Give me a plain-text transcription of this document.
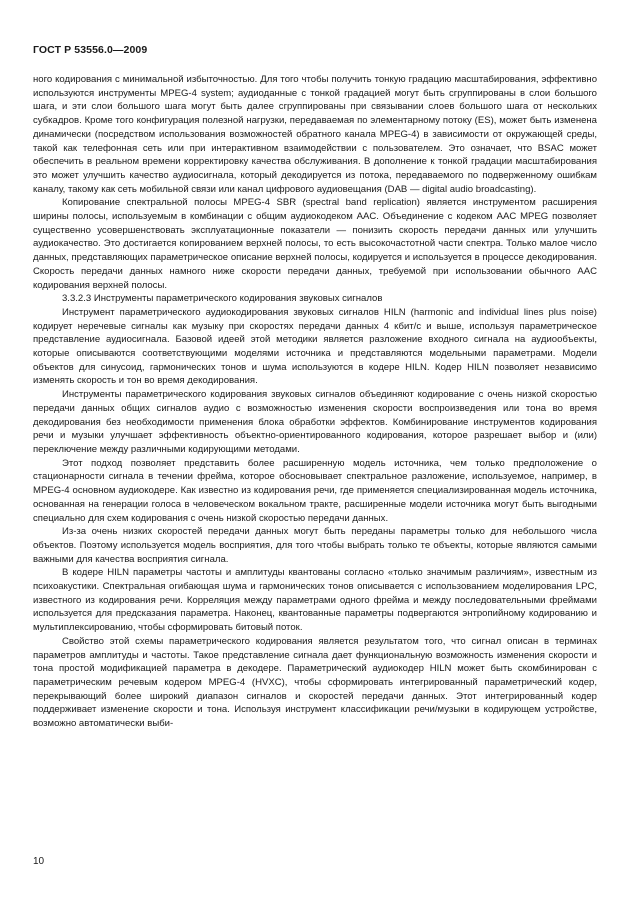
ГОСТ Р 53556.0—2009

ного кодирования с минимальной избыточностью. Для того чтобы получить тонкую градацию масштабирования, эффективно используются инструменты MPEG-4 system; аудиоданные с тонкой градацией могут быть сгруппированы в слои большого шага, и эти слои большого шага могут быть далее сгруппированы при связывании слоев большого шага от нескольких субкадров. Кроме того конфигурация полезной нагрузки, передаваемая по элементарному потоку (ES), может быть изменена динамически (посредством использования возможностей обратного канала MPEG-4) в зависимости от окружающей среды, такой как телефонная сеть или при интерактивном взаимодействии с пользователем. Это означает, что BSAC может обеспечить в реальном времени корректировку качества обслуживания. В дополнение к тонкой градации масштабирования это может улучшить качество аудиосигнала, который декодируется из потока, передаваемого по подверженному ошибкам каналу, такому как сеть мобильной связи или канал цифрового аудиовещания (DAB — digital audio broadcasting).

Копирование спектральной полосы MPEG-4 SBR (spectral band replication) является инструментом расширения ширины полосы, используемым в комбинации с общим аудиокодеком AAC. Объединение с кодеком AAC MPEG позволяет существенно усовершенствовать эксплуатационные показатели — понизить скорость передачи данных или улучшить аудиокачество. Это достигается копированием верхней полосы, то есть высокочастотной части спектра. Только малое число данных, представляющих параметрическое описание верхней полосы, кодируется и используется в процессе декодирования. Скорость передачи данных намного ниже скорости передачи данных, требуемой при использовании обычного AAC кодирования верхней полосы.

3.3.2.3 Инструменты параметрического кодирования звуковых сигналов

Инструмент параметрического аудиокодирования звуковых сигналов HILN (harmonic and individual lines plus noise) кодирует неречевые сигналы как музыку при скоростях передачи данных 4 кбит/с и выше, используя параметрическое представление аудиосигнала. Базовой идеей этой методики является разложение входного сигнала на аудиообъекты, которые описываются соответствующими моделями источника и представляются модельными параметрами. Модели объектов для синусоид, гармонических тонов и шума используются в кодере HILN. Кодер HILN позволяет независимо изменять скорость и тон во время декодирования.

Инструменты параметрического кодирования звуковых сигналов объединяют кодирование с очень низкой скоростью передачи данных общих сигналов аудио с возможностью изменения скорости воспроизведения или тона во время декодирования без необходимости применения блока обработки эффектов. Комбинирование инструментов кодирования речи и музыки улучшает эффективность объектно-ориентированного кодирования, которое разрешает выбор и (или) переключение между различными кодирующими методами.

Этот подход позволяет представить более расширенную модель источника, чем только предположение о стационарности сигнала в течении фрейма, которое обосновывает спектральное разложение, используемое, например, в MPEG-4 основном аудиокодере. Как известно из кодирования речи, где применяется специализированная модель источника, основанная на генерации голоса в человеческом вокальном тракте, расширенные модели источника могут быть выгодными специально для схем кодирования с очень низкой скоростью передачи данных.

Из-за очень низких скоростей передачи данных могут быть переданы параметры только для небольшого числа объектов. Поэтому используется модель восприятия, для того чтобы выбрать только те объекты, которые являются самыми важными для качества восприятия сигнала.

В кодере HILN параметры частоты и амплитуды квантованы согласно «только значимым различиям», известным из психоакустики. Спектральная огибающая шума и гармонических тонов описывается с использованием моделирования LPC, известного из кодирования речи. Корреляция между параметрами одного фрейма и между последовательными фреймами используется для предсказания параметра. Наконец, квантованные параметры подвергаются энтропийному кодированию и мультиплексированию, чтобы сформировать битовый поток.

Свойство этой схемы параметрического кодирования является результатом того, что сигнал описан в терминах параметров амплитуды и частоты. Такое представление сигнала дает функциональную возможность изменения скорости и тона простой модификацией параметра в декодере. Параметрический аудиокодер HILN может быть скомбинирован с параметрическим речевым кодером MPEG-4 (HVXC), чтобы сформировать интегрированный параметрический кодер, перекрывающий более широкий диапазон сигналов и скоростей передачи данных. Этот интегрированный кодер поддерживает изменение скорости и тона. Используя инструмент классификации речи/музыки в кодирующем устройстве, возможно автоматически выби-

10
